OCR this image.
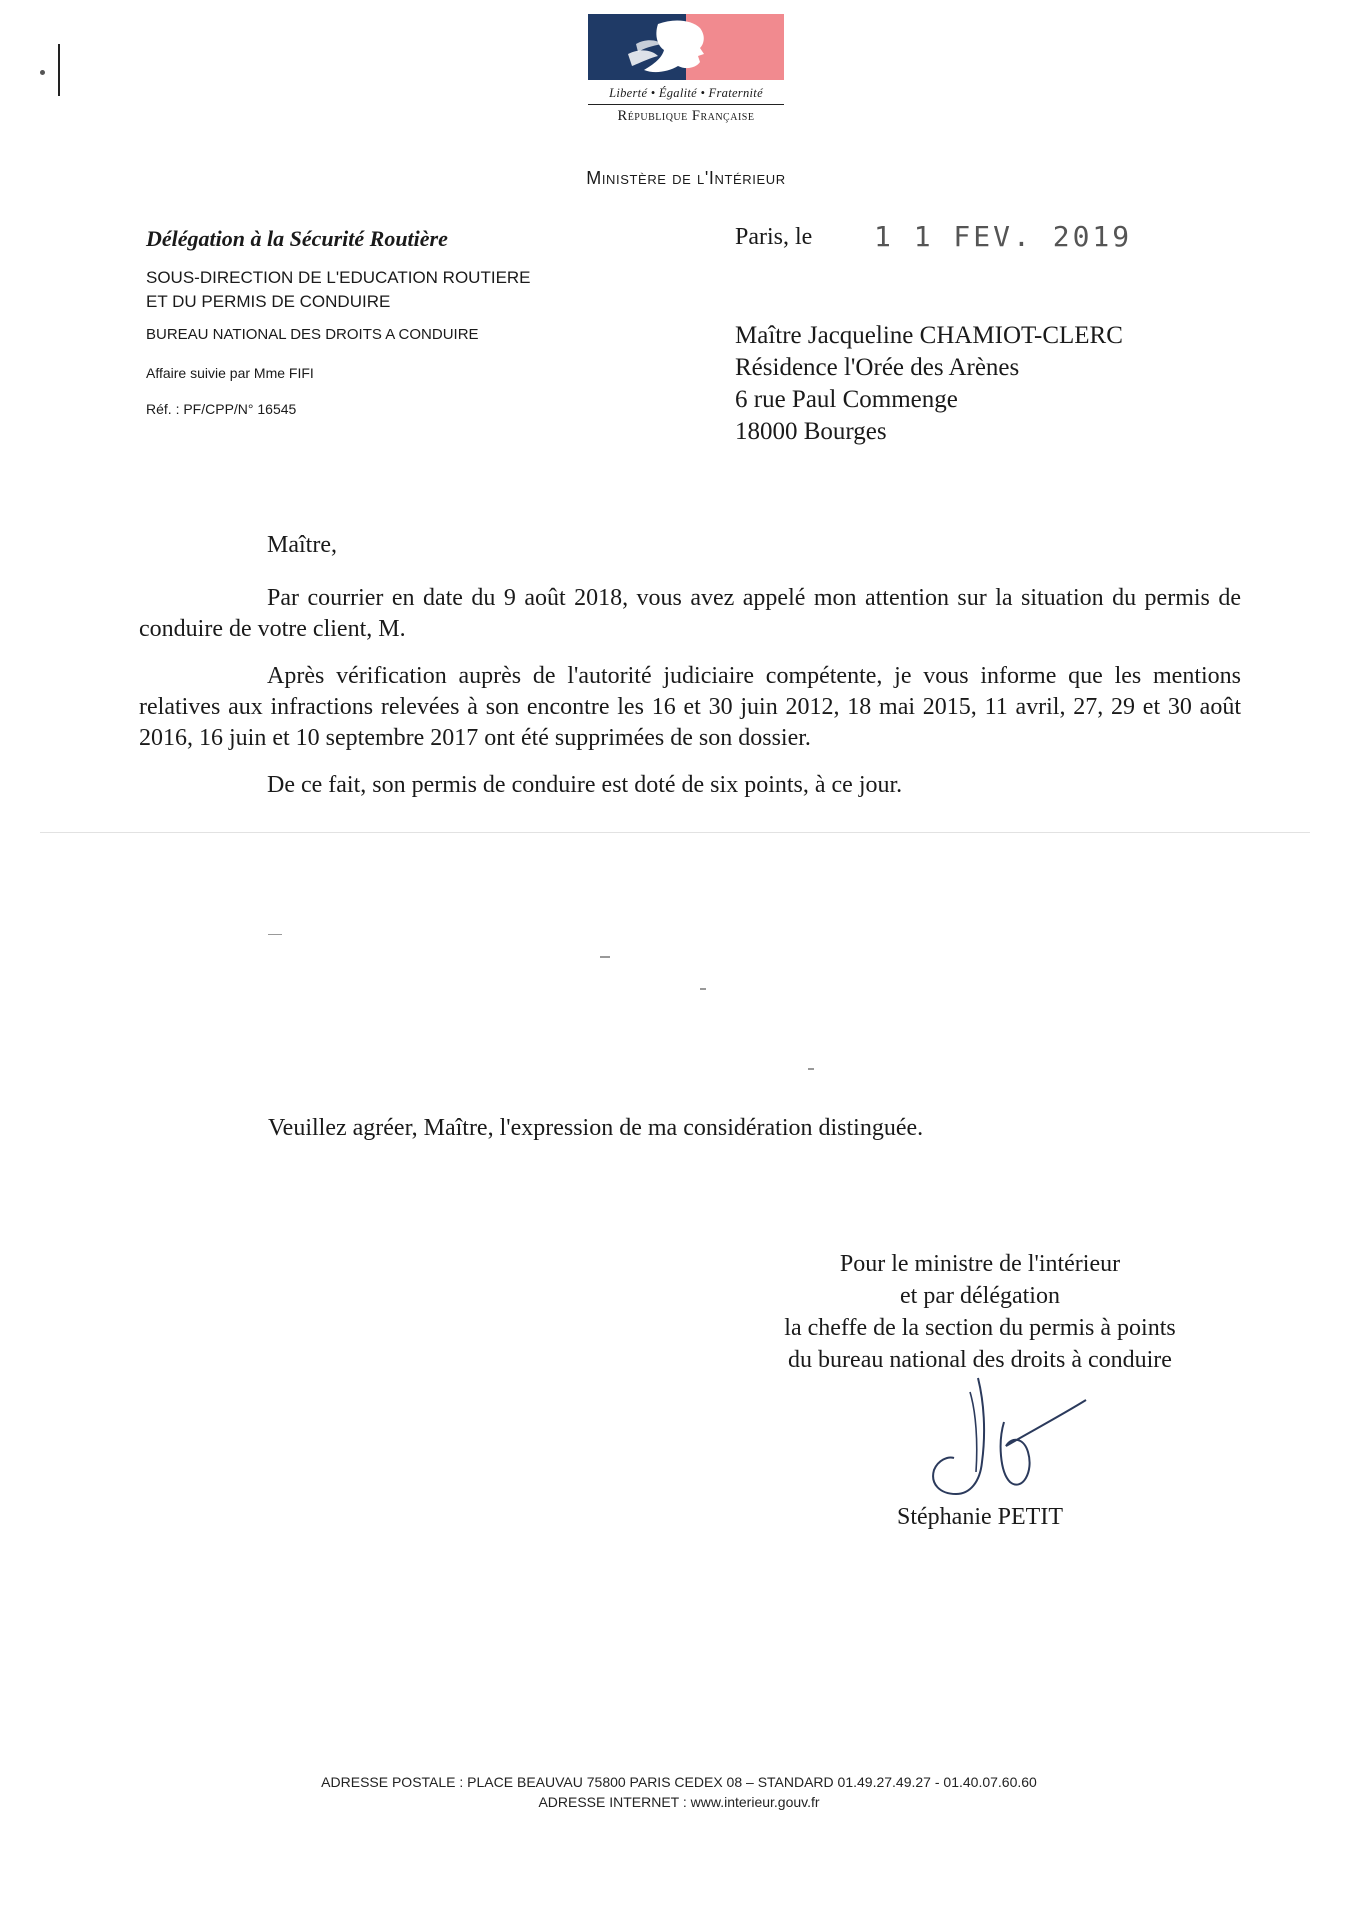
Liberté • Égalité • Fraternité
République Française
Ministère de l'Intérieur
Délégation à la Sécurité Routière
SOUS-DIRECTION DE L'EDUCATION ROUTIERE
ET DU PERMIS DE CONDUIRE
BUREAU NATIONAL DES DROITS A CONDUIRE
Affaire suivie par Mme FIFI
Réf. : PF/CPP/N° 16545
Paris, le 1 1 FEV. 2019
Maître Jacqueline CHAMIOT-CLERC
Résidence l'Orée des Arènes
6 rue Paul Commenge
18000 Bourges
Maître,

Par courrier en date du 9 août 2018, vous avez appelé mon attention sur la situation du permis de conduire de votre client, M.

Après vérification auprès de l'autorité judiciaire compétente, je vous informe que les mentions relatives aux infractions relevées à son encontre les 16 et 30 juin 2012, 18 mai 2015, 11 avril, 27, 29 et 30 août 2016, 16 juin et 10 septembre 2017 ont été supprimées de son dossier.

De ce fait, son permis de conduire est doté de six points, à ce jour.

Veuillez agréer, Maître, l'expression de ma considération distinguée.
Pour le ministre de l'intérieur
et par délégation
la cheffe de la section du permis à points
du bureau national des droits à conduire
Stéphanie PETIT
ADRESSE POSTALE : PLACE BEAUVAU 75800 PARIS CEDEX 08 – STANDARD 01.49.27.49.27 - 01.40.07.60.60
ADRESSE INTERNET : www.interieur.gouv.fr
